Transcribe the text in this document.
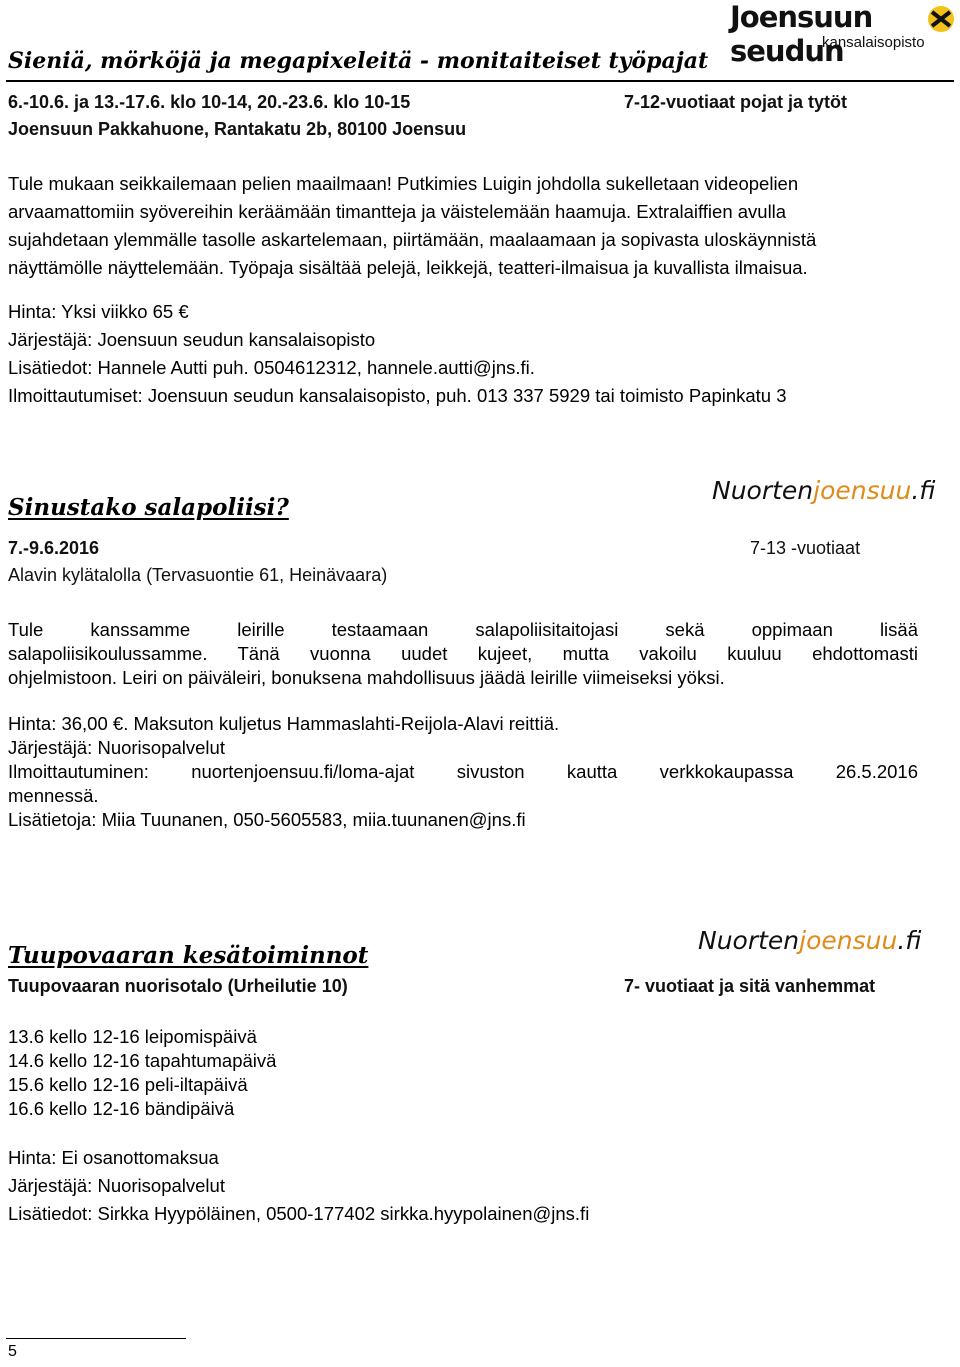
Joensuun seudun
kansalaisopisto
Sieniä, mörköjä ja megapixeleitä - monitaiteiset työpajat
6.-10.6. ja 13.-17.6. klo 10-14, 20.-23.6. klo 10-15	7-12-vuotiaat pojat ja tytöt
Joensuun Pakkahuone, Rantakatu 2b, 80100 Joensuu
Tule mukaan seikkailemaan pelien maailmaan! Putkimies Luigin johdolla sukelletaan videopelien
arvaamattomiin syövereihin keräämään timantteja ja väistelemään haamuja. Extralaiffien avulla
sujahdetaan ylemmälle tasolle askartelemaan, piirtämään, maalaamaan ja sopivasta uloskäynnistä
näyttämölle näyttelemään. Työpaja sisältää pelejä, leikkejä, teatteri-ilmaisua ja kuvallista ilmaisua.
Hinta: Yksi viikko 65 €
Järjestäjä: Joensuun seudun kansalaisopisto
Lisätiedot: Hannele Autti puh. 0504612312, hannele.autti@jns.fi.
Ilmoittautumiset: Joensuun seudun kansalaisopisto, puh. 013 337 5929 tai toimisto Papinkatu 3
Nuortenjoensuu.fi
Sinustako salapoliisi?
7.-9.6.2016	7-13 -vuotiaat
Alavin kylätalolla (Tervasuontie 61, Heinävaara)
Tule kanssamme leirille testaamaan salapoliisitaitojasi sekä oppimaan lisää
salapoliisikoulussamme. Tänä vuonna uudet kujeet, mutta vakoilu kuuluu ehdottomasti
ohjelmistoon. Leiri on päiväleiri, bonuksena mahdollisuus jäädä leirille viimeiseksi yöksi.
Hinta: 36,00 €. Maksuton kuljetus Hammaslahti-Reijola-Alavi reittiä.
Järjestäjä: Nuorisopalvelut
Ilmoittautuminen: nuortenjoensuu.fi/loma-ajat sivuston kautta verkkokaupassa 26.5.2016
mennessä.
Lisätietoja: Miia Tuunanen, 050-5605583, miia.tuunanen@jns.fi
Nuortenjoensuu.fi
Tuupovaaran kesätoiminnot
Tuupovaaran nuorisotalo (Urheilutie 10)	7- vuotiaat ja sitä vanhemmat
13.6 kello 12-16 leipomispäivä
14.6 kello 12-16 tapahtumapäivä
15.6 kello 12-16 peli-iltapäivä
16.6 kello 12-16 bändipäivä
Hinta: Ei osanottomaksua
Järjestäjä: Nuorisopalvelut
Lisätiedot: Sirkka Hyypöläinen, 0500-177402 sirkka.hyypolainen@jns.fi
5
